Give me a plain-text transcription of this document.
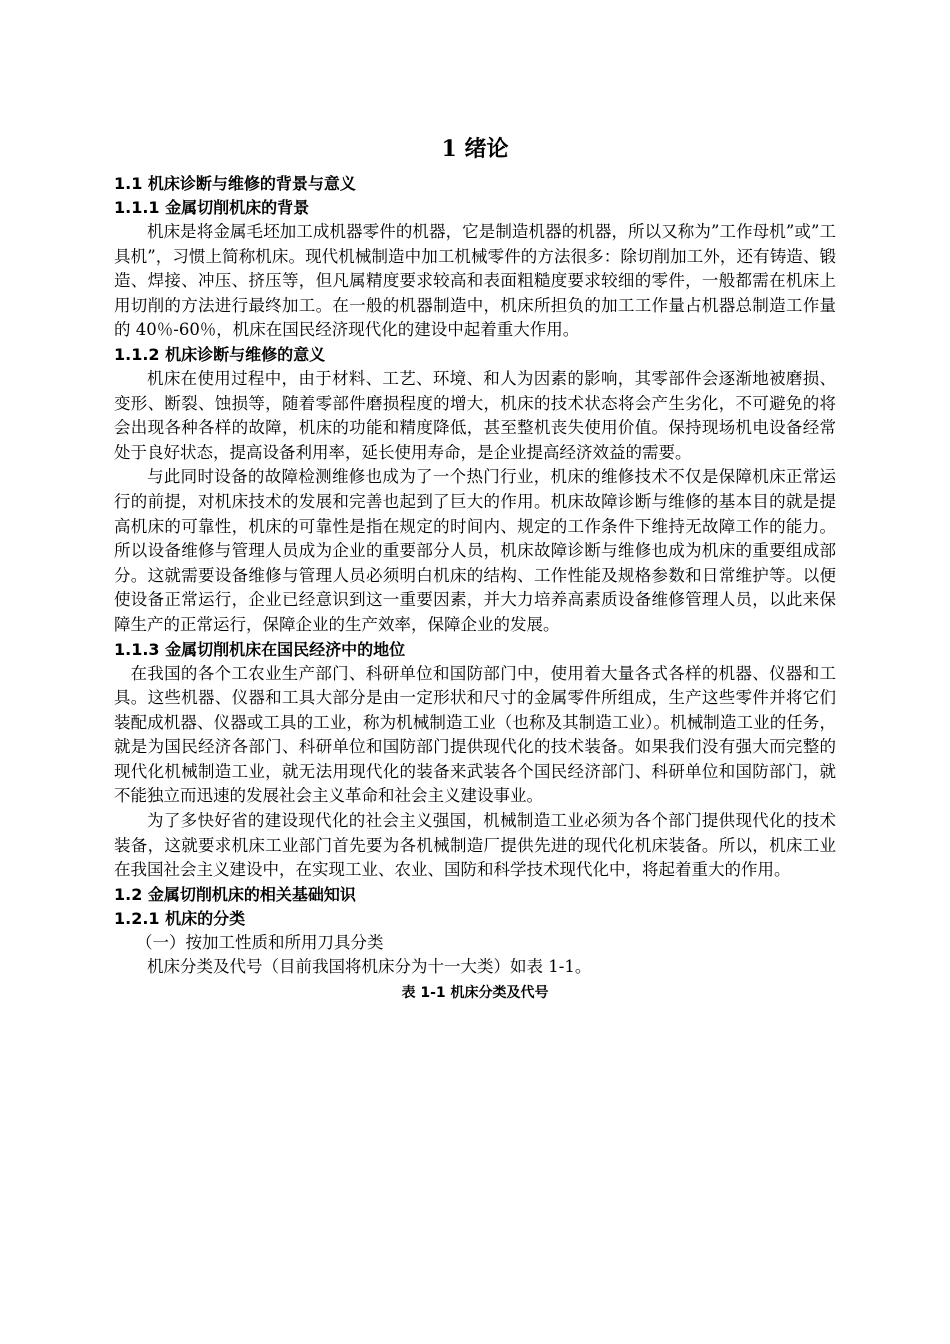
1 绪论
1.1 机床诊断与维修的背景与意义
1.1.1 金属切削机床的背景

机床是将金属毛坯加工成机器零件的机器，它是制造机器的机器，所以又称为”工作母机”或”工具机”，习惯上简称机床。现代机械制造中加工机械零件的方法很多：除切削加工外，还有铸造、锻造、焊接、冲压、挤压等，但凡属精度要求较高和表面粗糙度要求较细的零件，一般都需在机床上用切削的方法进行最终加工。在一般的机器制造中，机床所担负的加工工作量占机器总制造工作量的 40％-60％，机床在国民经济现代化的建设中起着重大作用。

1.1.2 机床诊断与维修的意义

机床在使用过程中，由于材料、工艺、环境、和人为因素的影响，其零部件会逐渐地被磨损、变形、断裂、蚀损等，随着零部件磨损程度的增大，机床的技术状态将会产生劣化，不可避免的将会出现各种各样的故障，机床的功能和精度降低，甚至整机丧失使用价值。保持现场机电设备经常处于良好状态，提高设备利用率，延长使用寿命，是企业提高经济效益的需要。

与此同时设备的故障检测维修也成为了一个热门行业，机床的维修技术不仅是保障机床正常运行的前提，对机床技术的发展和完善也起到了巨大的作用。机床故障诊断与维修的基本目的就是提高机床的可靠性，机床的可靠性是指在规定的时间内、规定的工作条件下维持无故障工作的能力。所以设备维修与管理人员成为企业的重要部分人员，机床故障诊断与维修也成为机床的重要组成部分。这就需要设备维修与管理人员必须明白机床的结构、工作性能及规格参数和日常维护等。以便使设备正常运行，企业已经意识到这一重要因素，并大力培养高素质设备维修管理人员，以此来保障生产的正常运行，保障企业的生产效率，保障企业的发展。

1.1.3 金属切削机床在国民经济中的地位

在我国的各个工农业生产部门、科研单位和国防部门中，使用着大量各式各样的机器、仪器和工具。这些机器、仪器和工具大部分是由一定形状和尺寸的金属零件所组成，生产这些零件并将它们装配成机器、仪器或工具的工业，称为机械制造工业（也称及其制造工业）。机械制造工业的任务，就是为国民经济各部门、科研单位和国防部门提供现代化的技术装备。如果我们没有强大而完整的现代化机械制造工业，就无法用现代化的装备来武装各个国民经济部门、科研单位和国防部门，就不能独立而迅速的发展社会主义革命和社会主义建设事业。

为了多快好省的建设现代化的社会主义强国，机械制造工业必须为各个部门提供现代化的技术装备，这就要求机床工业部门首先要为各机械制造厂提供先进的现代化机床装备。所以，机床工业在我国社会主义建设中，在实现工业、农业、国防和科学技术现代化中，将起着重大的作用。

1.2 金属切削机床的相关基础知识
1.2.1 机床的分类

（一）按加工性质和所用刀具分类

机床分类及代号（目前我国将机床分为十一大类）如表 1-1。

表 1-1 机床分类及代号
